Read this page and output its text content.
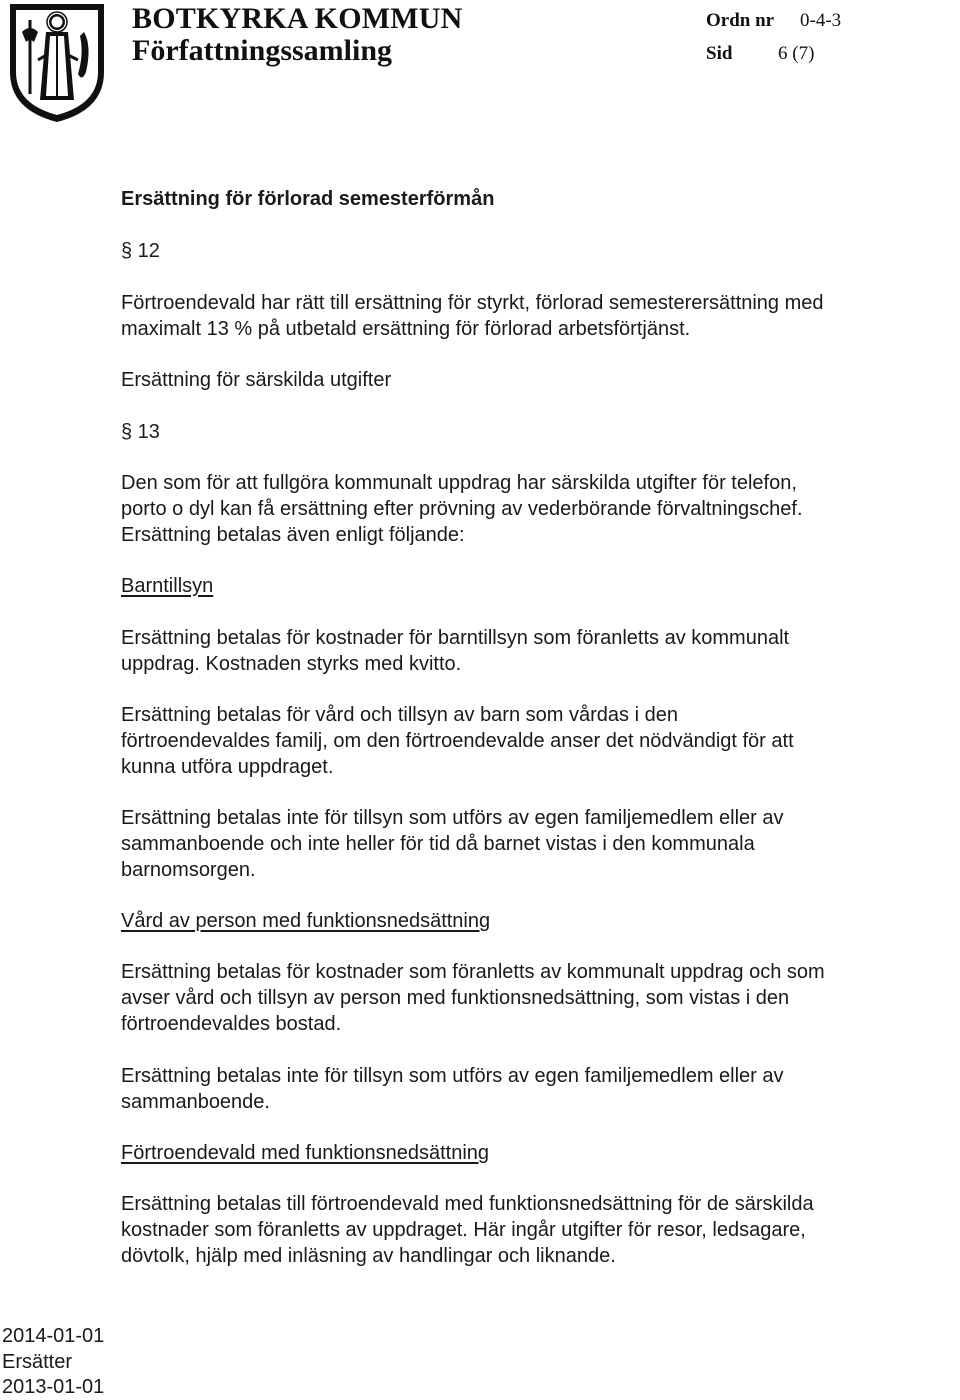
BOTKYRKA KOMMUN
Författningssamling
Ordn nr 0-4-3
Sid 6 (7)
Ersättning för förlorad semesterförmån
§ 12
Förtroendevald har rätt till ersättning för styrkt, förlorad semesterersättning med
maximalt 13 % på utbetald ersättning för förlorad arbetsförtjänst.
Ersättning för särskilda utgifter
§ 13
Den som för att fullgöra kommunalt uppdrag har särskilda utgifter för telefon,
porto o dyl kan få ersättning efter prövning av vederbörande förvaltningschef.
Ersättning betalas även enligt följande:
Barntillsyn
Ersättning betalas för kostnader för barntillsyn som föranletts av kommunalt
uppdrag. Kostnaden styrks med kvitto.
Ersättning betalas för vård och tillsyn av barn som vårdas i den
förtroendevaldes familj, om den förtroendevalde anser det nödvändigt för att
kunna utföra uppdraget.
Ersättning betalas inte för tillsyn som utförs av egen familjemedlem eller av
sammanboende och inte heller för tid då barnet vistas i den kommunala
barnomsorgen.
Vård av person med funktionsnedsättning
Ersättning betalas för kostnader som föranletts av kommunalt uppdrag och som
avser vård och tillsyn av person med funktionsnedsättning, som vistas i den
förtroendevaldes bostad.
Ersättning betalas inte för tillsyn som utförs av egen familjemedlem eller av
sammanboende.
Förtroendevald med funktionsnedsättning
Ersättning betalas till förtroendevald med funktionsnedsättning för de särskilda
kostnader som föranletts av uppdraget. Här ingår utgifter för resor, ledsagare,
dövtolk, hjälp med inläsning av handlingar och liknande.
2014-01-01
Ersätter
2013-01-01
